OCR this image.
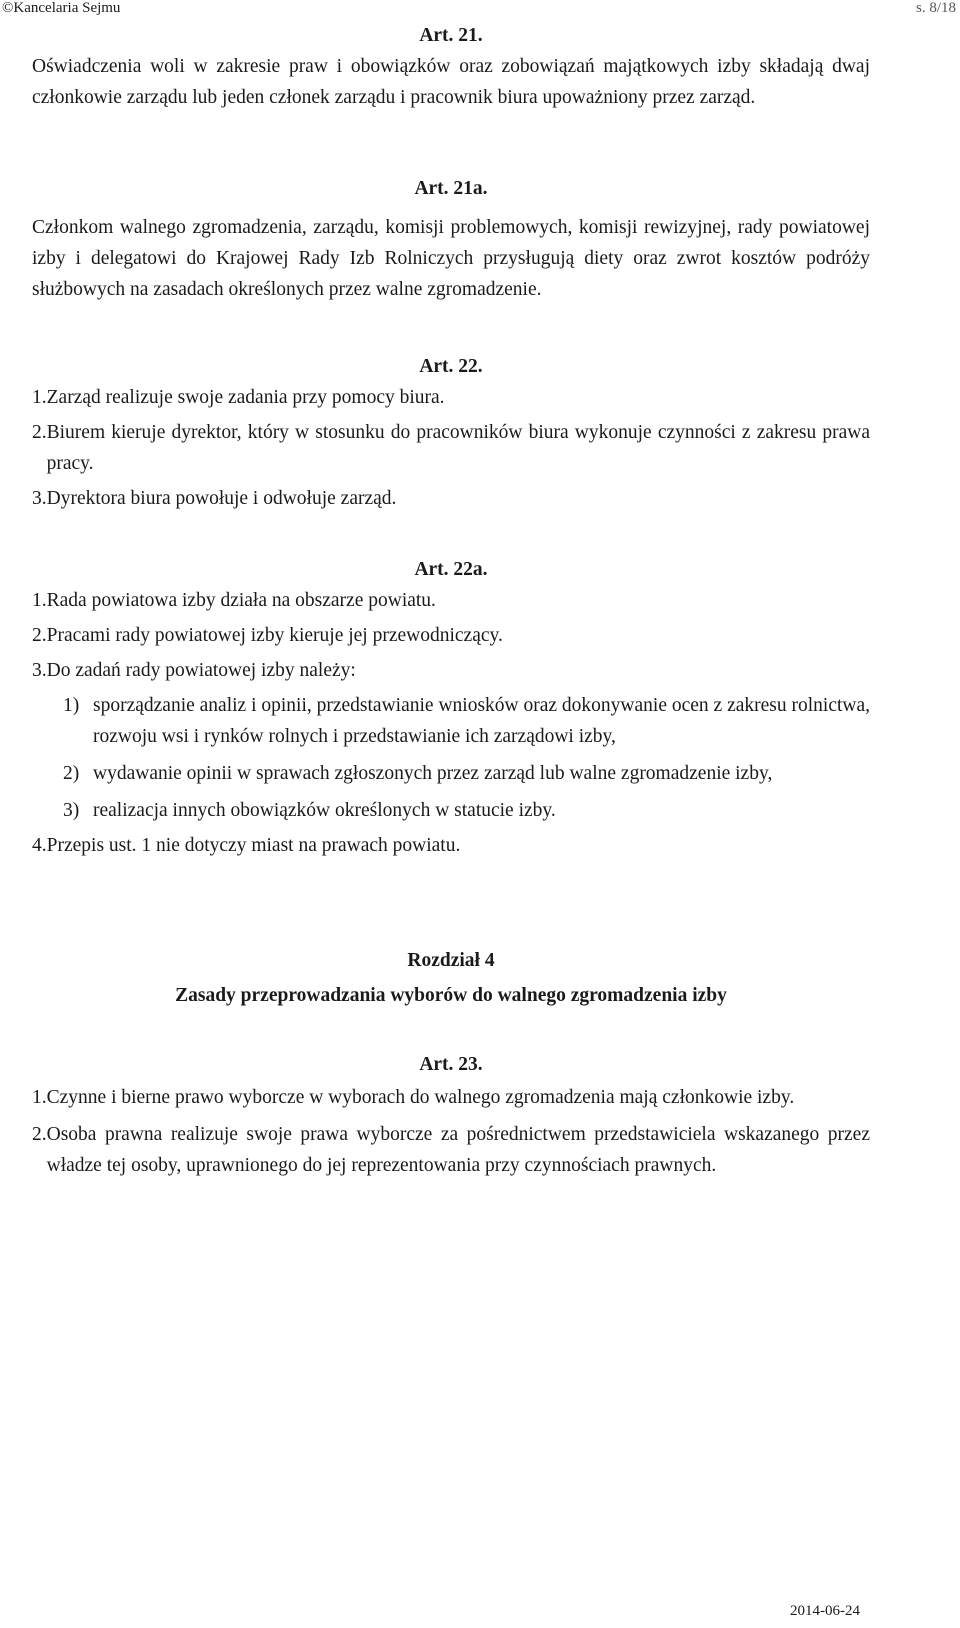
©Kancelaria Sejmu	s. 8/18
Art. 21.

Oświadczenia woli w zakresie praw i obowiązków oraz zobowiązań majątkowych izby składają dwaj członkowie zarządu lub jeden członek zarządu i pracownik biura upoważniony przez zarząd.

Art. 21a.

Członkom walnego zgromadzenia, zarządu, komisji problemowych, komisji rewizyjnej, rady powiatowej izby i delegatowi do Krajowej Rady Izb Rolniczych przysługują diety oraz zwrot kosztów podróży służbowych na zasadach określonych przez walne zgromadzenie.

Art. 22.
1. Zarząd realizuje swoje zadania przy pomocy biura.
2. Biurem kieruje dyrektor, który w stosunku do pracowników biura wykonuje czynności z zakresu prawa pracy.
3. Dyrektora biura powołuje i odwołuje zarząd.
Art. 22a.
1. Rada powiatowa izby działa na obszarze powiatu.
2. Pracami rady powiatowej izby kieruje jej przewodniczący.
3. Do zadań rady powiatowej izby należy:
1) sporządzanie analiz i opinii, przedstawianie wniosków oraz dokonywanie ocen z zakresu rolnictwa, rozwoju wsi i rynków rolnych i przedstawianie ich zarządowi izby,
2) wydawanie opinii w sprawach zgłoszonych przez zarząd lub walne zgromadzenie izby,
3) realizacja innych obowiązków określonych w statucie izby.
4. Przepis ust. 1 nie dotyczy miast na prawach powiatu.
Rozdział 4
Zasady przeprowadzania wyborów do walnego zgromadzenia izby
Art. 23.
1. Czynne i bierne prawo wyborcze w wyborach do walnego zgromadzenia mają członkowie izby.
2. Osoba prawna realizuje swoje prawa wyborcze za pośrednictwem przedstawiciela wskazanego przez władze tej osoby, uprawnionego do jej reprezentowania przy czynnościach prawnych.
2014-06-24
